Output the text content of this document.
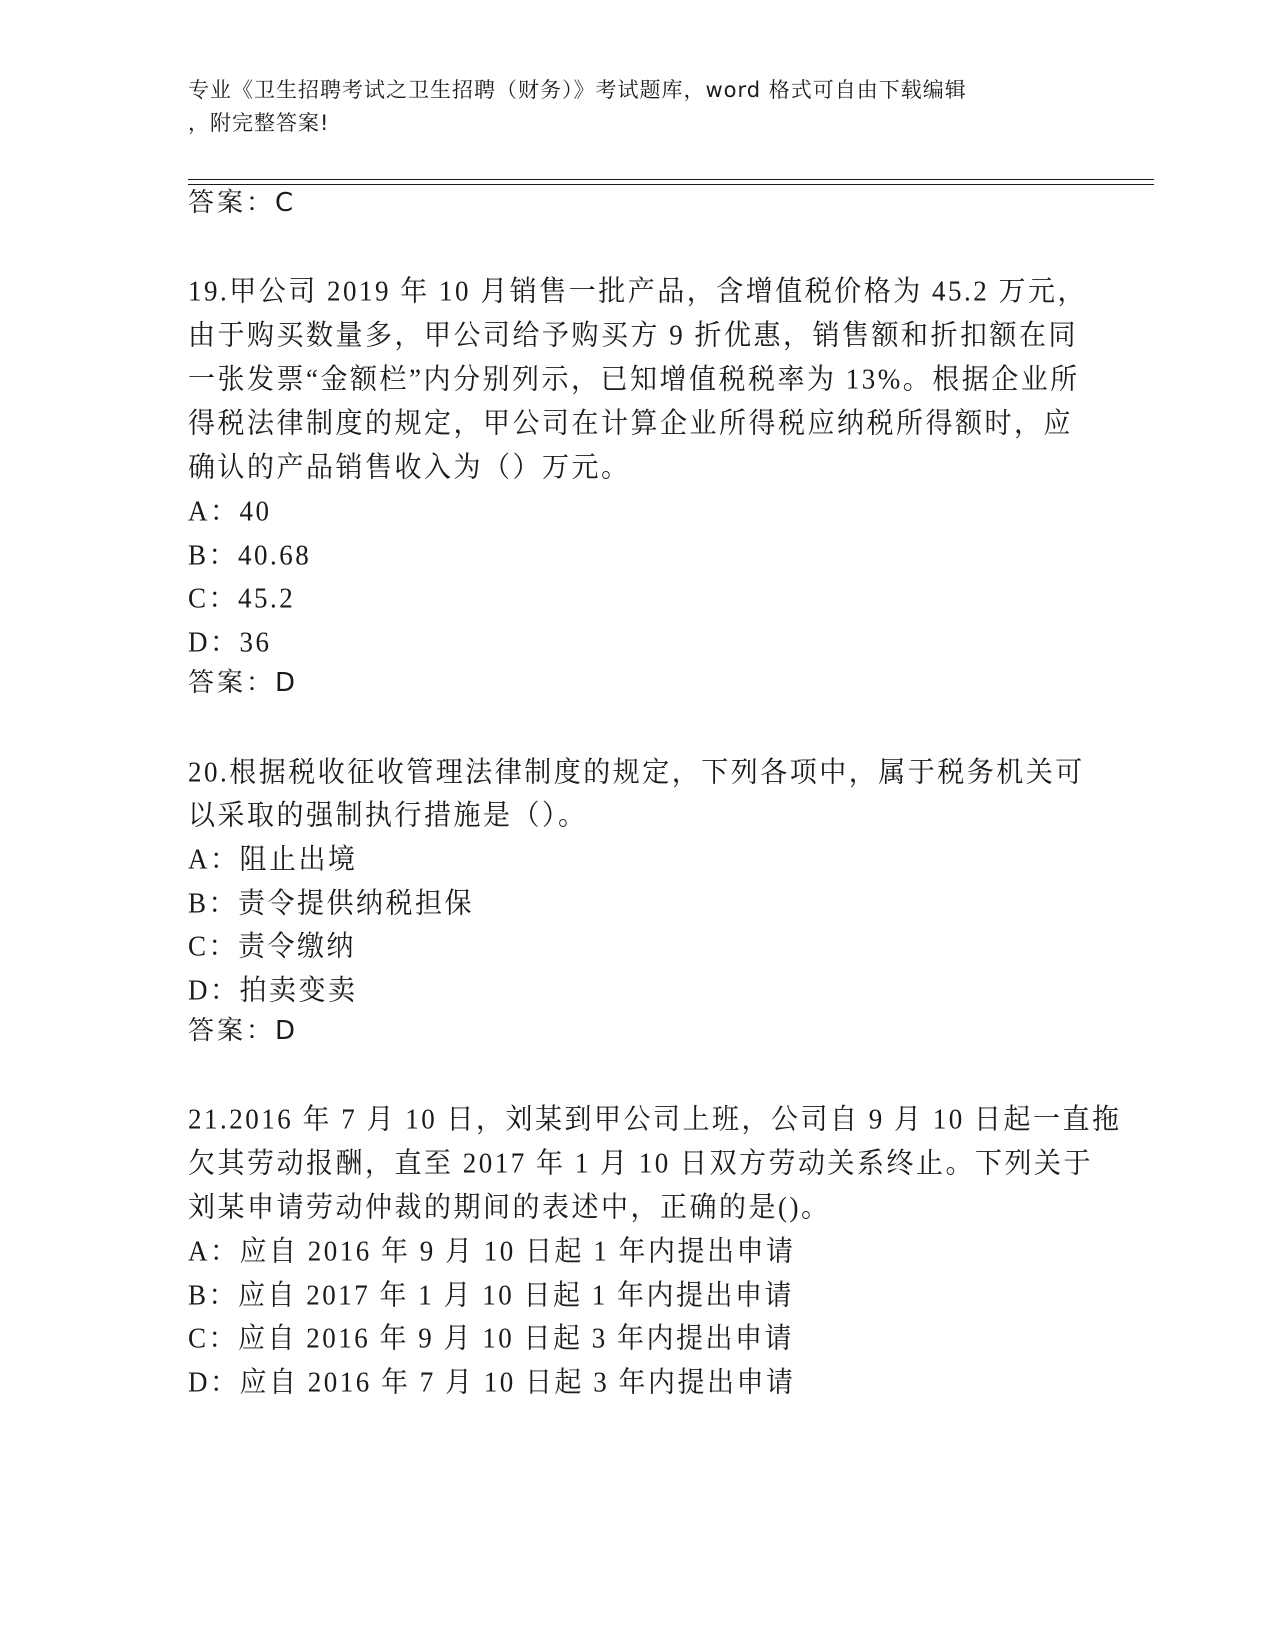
专业《卫生招聘考试之卫生招聘（财务）》考试题库，word 格式可自由下载编辑
，附完整答案!
答案：C
19.甲公司 2019 年 10 月销售一批产品，含增值税价格为 45.2 万元，
由于购买数量多，甲公司给予购买方 9 折优惠，销售额和折扣额在同
一张发票“金额栏”内分别列示，已知增值税税率为 13%。根据企业所
得税法律制度的规定，甲公司在计算企业所得税应纳税所得额时，应
确认的产品销售收入为（）万元。
A：40
B：40.68
C：45.2
D：36
答案：D
20.根据税收征收管理法律制度的规定，下列各项中，属于税务机关可
以采取的强制执行措施是（）。
A：阻止出境
B：责令提供纳税担保
C：责令缴纳
D：拍卖变卖
答案：D
21.2016 年 7 月 10 日，刘某到甲公司上班，公司自 9 月 10 日起一直拖
欠其劳动报酬，直至 2017 年 1 月 10 日双方劳动关系终止。下列关于
刘某申请劳动仲裁的期间的表述中，正确的是()。
A：应自 2016 年 9 月 10 日起 1 年内提出申请
B：应自 2017 年 1 月 10 日起 1 年内提出申请
C：应自 2016 年 9 月 10 日起 3 年内提出申请
D：应自 2016 年 7 月 10 日起 3 年内提出申请
